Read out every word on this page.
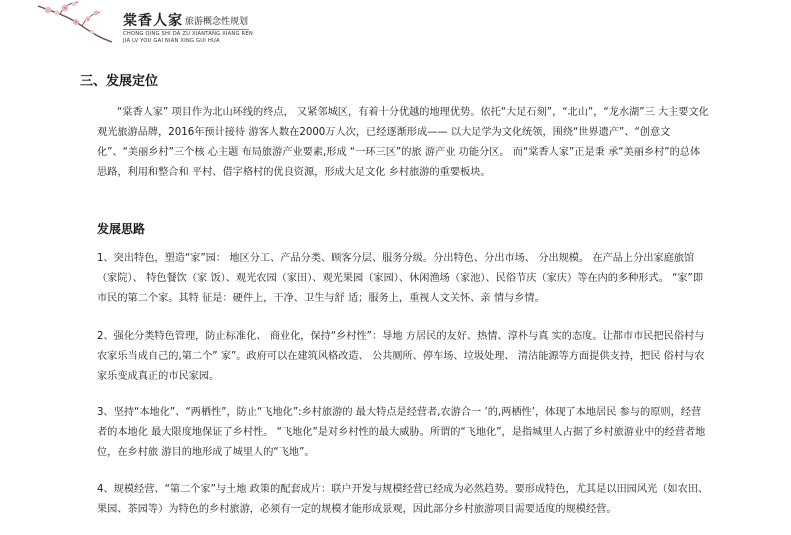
棠香人家 旅游概念性规划
CHONG QING SHI DA ZU XIANTANG XIANG REN
JIA LV YOU GAI NIAN XING GUI HUA
三、发展定位

“棠香人家” 项目作为北山环线的终点， 又紧邻城区，有着十分优越的地理优势。依托“大足石刻”，“北山”，“龙水湖”三 大主要文化观光旅游品牌，2016年预计接待 游客人数在2000万人次，已经逐渐形成—— 以大足学为文化统领，围绕“世界遗产”、“创意文化”、“美丽乡村”三个核 心主题 布局旅游产业要素,形成 “一环三区”的旅 游产业 功能分区。 而“棠香人家”正是秉 承“美丽乡村”的总体思路，利用和整合和 平村、借字格村的优良资源，形成大足文化 乡村旅游的重要板块。

发展思路

1、突出特色，塑造“家”园： 地区分工、产品分类、顾客分层、服务分级。分出特色、分出市场、 分出规模。 在产品上分出家庭旅馆（家院）、 特色餐饮（家 饭）、观光农园（家田）、观光果园（家园）、休闲渔场（家池）、民俗节庆（家庆）等在内的多种形式。 “家”即市民的第二个家。其特 征是：硬件上，干净、卫生与舒 适；服务上，重视人文关怀、亲 情与乡情。

2、强化分类特色管理，防止标准化、 商业化，保持“乡村性”：导地 方居民的友好、热情、淳朴与真 实的态度。让都市市民把民俗村与农家乐当成自己的,第二个” 家”。政府可以在建筑风格改造、 公共厕所、停车场、垃圾处理、 清洁能源等方面提供支持，把民 俗村与农家乐变成真正的市民家园。

3、坚持“本地化”、“两栖性”，防止“飞地化”:乡村旅游的 最大特点是经营者,农游合一 ’的,两栖性’，体现了本地居民 参与的原则，经营者的本地化 最大限度地保证了乡村性。 “飞地化”是对乡村性的最大威胁。所谓的“飞地化”，是指城里人占据了乡村旅游业中的经营者地位，在乡村旅 游目的地形成了城里人的“飞地”。

4、规模经营、“第二个家”与土地 政策的配套成片：联户开发与规模经营已经成为必然趋势。要形成特色，尤其是以田园风光（如农田、果园、茶园等）为特色的乡村旅游，必须有一定的规模才能形成景观，因此部分乡村旅游项目需要适度的规模经营。
